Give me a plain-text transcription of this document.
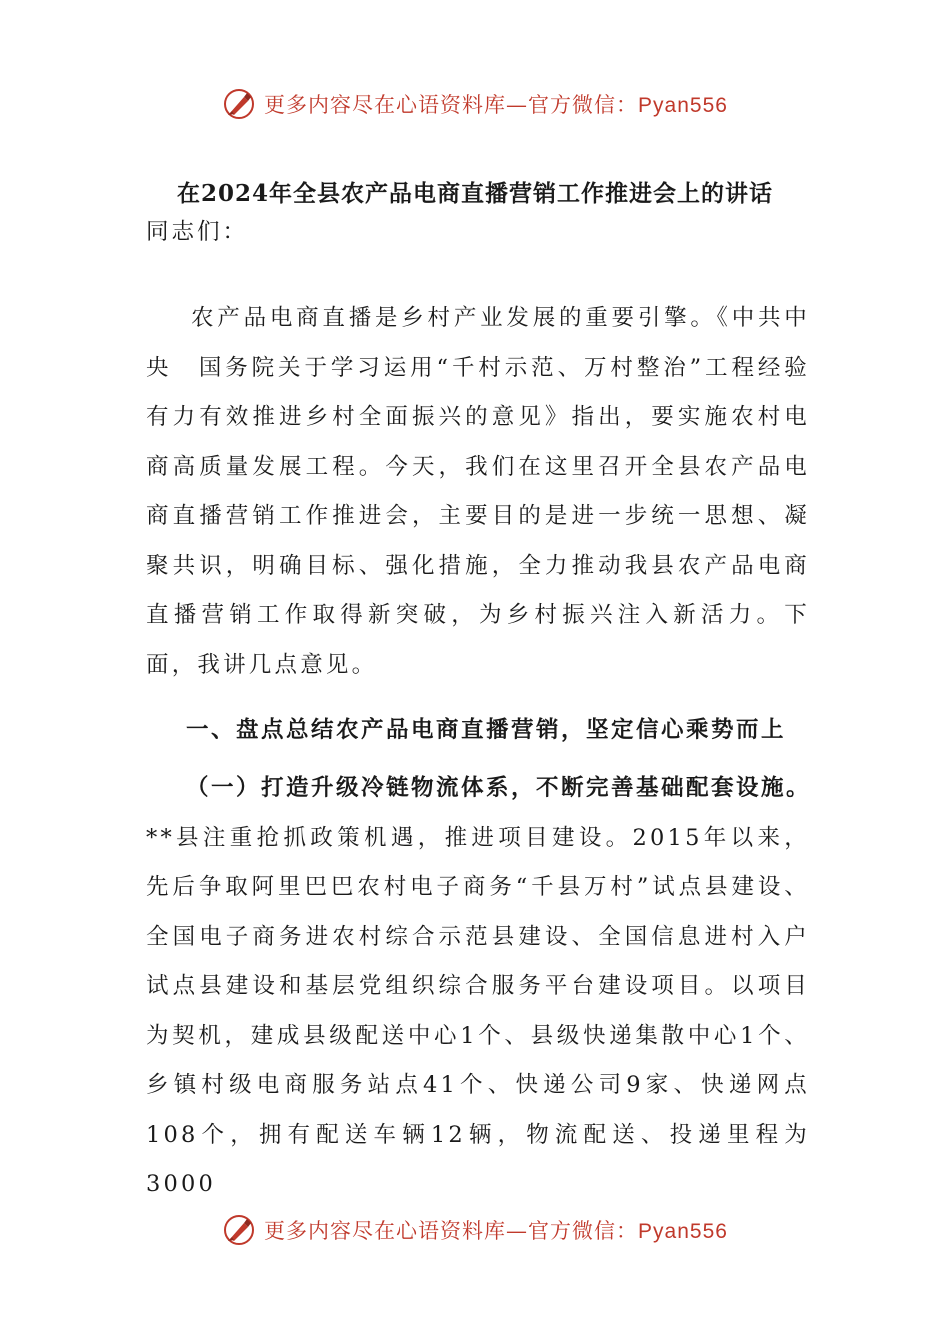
更多内容尽在心语资料库—官方微信：Pyan556
在2024年全县农产品电商直播营销工作推进会上的讲话
同志们：
农产品电商直播是乡村产业发展的重要引擎。《中共中央　国务院关于学习运用“千村示范、万村整治”工程经验有力有效推进乡村全面振兴的意见》指出，要实施农村电商高质量发展工程。今天，我们在这里召开全县农产品电商直播营销工作推进会，主要目的是进一步统一思想、凝聚共识，明确目标、强化措施，全力推动我县农产品电商直播营销工作取得新突破，为乡村振兴注入新活力。下面，我讲几点意见。
一、盘点总结农产品电商直播营销，坚定信心乘势而上
（一）打造升级冷链物流体系，不断完善基础配套设施。
**县注重抢抓政策机遇，推进项目建设。2015年以来，先后争取阿里巴巴农村电子商务“千县万村”试点县建设、全国电子商务进农村综合示范县建设、全国信息进村入户试点县建设和基层党组织综合服务平台建设项目。以项目为契机，建成县级配送中心1个、县级快递集散中心1个、乡镇村级电商服务站点41个、快递公司9家、快递网点108个，拥有配送车辆12辆，物流配送、投递里程为3000
更多内容尽在心语资料库—官方微信：Pyan556
